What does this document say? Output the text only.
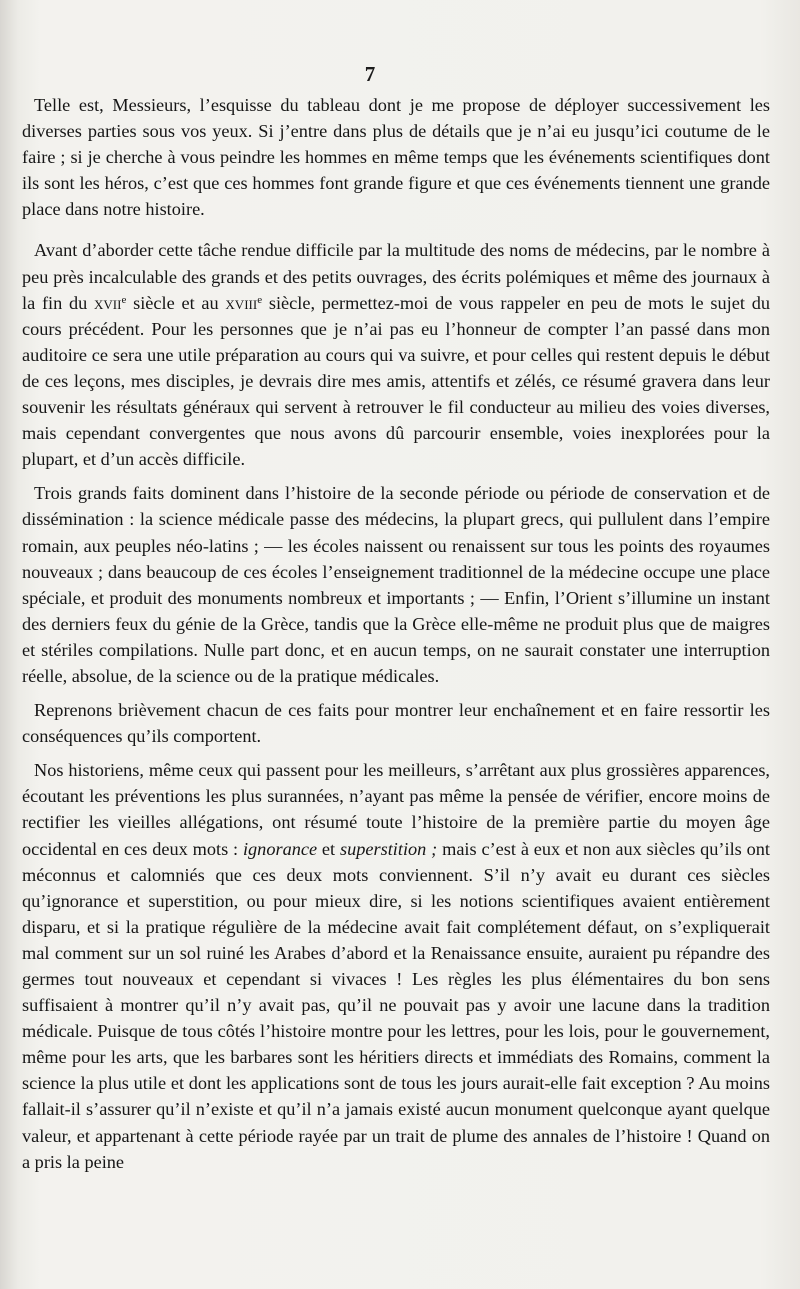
7

Telle est, Messieurs, l’esquisse du tableau dont je me propose de déployer successivement les diverses parties sous vos yeux. Si j’entre dans plus de détails que je n’ai eu jusqu’ici coutume de le faire ; si je cherche à vous peindre les hommes en même temps que les événements scientifiques dont ils sont les héros, c’est que ces hommes font grande figure et que ces événements tiennent une grande place dans notre histoire.

Avant d’aborder cette tâche rendue difficile par la multitude des noms de médecins, par le nombre à peu près incalculable des grands et des petits ouvrages, des écrits polémiques et même des journaux à la fin du xvii$^e$ siècle et au xviii$^e$ siècle, permettez-moi de vous rappeler en peu de mots le sujet du cours précédent. Pour les personnes que je n’ai pas eu l’honneur de compter l’an passé dans mon auditoire ce sera une utile préparation au cours qui va suivre, et pour celles qui restent depuis le début de ces leçons, mes disciples, je devrais dire mes amis, attentifs et zélés, ce résumé gravera dans leur souvenir les résultats généraux qui servent à retrouver le fil conducteur au milieu des voies diverses, mais cependant convergentes que nous avons dû parcourir ensemble, voies inexplorées pour la plupart, et d’un accès difficile.

Trois grands faits dominent dans l’histoire de la seconde période ou période de conservation et de dissémination : la science médicale passe des médecins, la plupart grecs, qui pullulent dans l’empire romain, aux peuples néo-latins ; — les écoles naissent ou renaissent sur tous les points des royaumes nouveaux ; dans beaucoup de ces écoles l’enseignement traditionnel de la médecine occupe une place spéciale, et produit des monuments nombreux et importants ; — Enfin, l’Orient s’illumine un instant des derniers feux du génie de la Grèce, tandis que la Grèce elle-même ne produit plus que de maigres et stériles compilations. Nulle part donc, et en aucun temps, on ne saurait constater une interruption réelle, absolue, de la science ou de la pratique médicales.

Reprenons brièvement chacun de ces faits pour montrer leur enchaînement et en faire ressortir les conséquences qu’ils comportent.

Nos historiens, même ceux qui passent pour les meilleurs, s’arrêtant aux plus grossières apparences, écoutant les préventions les plus surannées, n’ayant pas même la pensée de vérifier, encore moins de rectifier les vieilles allégations, ont résumé toute l’histoire de la première partie du moyen âge occidental en ces deux mots : ignorance et superstition ; mais c’est à eux et non aux siècles qu’ils ont méconnus et calomniés que ces deux mots conviennent. S’il n’y avait eu durant ces siècles qu’ignorance et superstition, ou pour mieux dire, si les notions scientifiques avaient entièrement disparu, et si la pratique régulière de la médecine avait fait complétement défaut, on s’expliquerait mal comment sur un sol ruiné les Arabes d’abord et la Renaissance ensuite, auraient pu répandre des germes tout nouveaux et cependant si vivaces ! Les règles les plus élémentaires du bon sens suffisaient à montrer qu’il n’y avait pas, qu’il ne pouvait pas y avoir une lacune dans la tradition médicale. Puisque de tous côtés l’histoire montre pour les lettres, pour les lois, pour le gouvernement, même pour les arts, que les barbares sont les héritiers directs et immédiats des Romains, comment la science la plus utile et dont les applications sont de tous les jours aurait-elle fait exception ? Au moins fallait-il s’assurer qu’il n’existe et qu’il n’a jamais existé aucun monument quelconque ayant quelque valeur, et appartenant à cette période rayée par un trait de plume des annales de l’histoire ! Quand on a pris la peine
